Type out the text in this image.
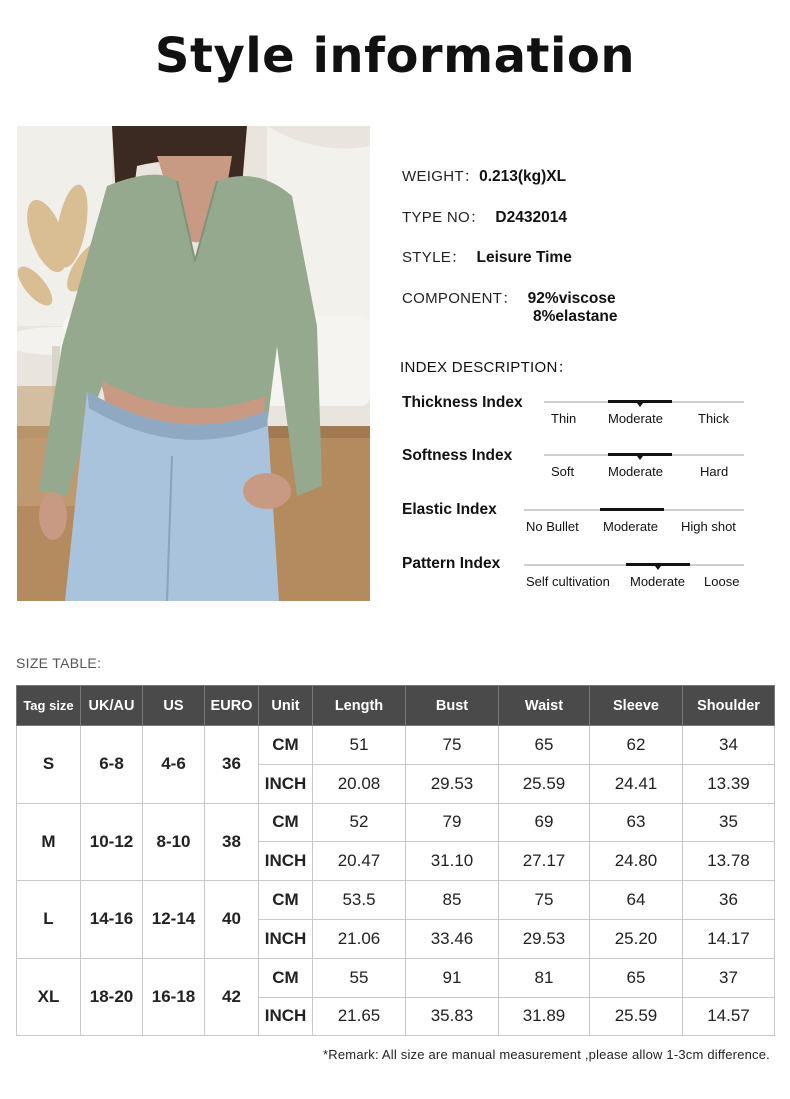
Style information
WEIGHT：0.213(kg)XL
TYPE NO： D2432014
STYLE： Leisure Time
COMPONENT： 92%viscose
8%elastane
INDEX DESCRIPTION：
Thickness Index
Thin Moderate	Thick
Softness Index
Soft	Moderate	Hard
Elastic Index
No Bullet Moderate High shot
Pattern Index
Self cultivation Moderate Loose
SIZE TABLE:
Tag size	UK/AU	US	EURO	Unit	Length	Bust	Waist	Sleeve	Shoulder
S	6-8	4-6	36	CM	51	75	65	62	34
				INCH	20.08	29.53	25.59	24.41	13.39
M	10-12	8-10	38	CM	52	79	69	63	35
				INCH	20.47	31.10	27.17	24.80	13.78
L	14-16	12-14	40	CM	53.5	85	75	64	36
				INCH	21.06	33.46	29.53	25.20	14.17
XL	18-20	16-18	42	CM	55	91	81	65	37
				INCH	21.65	35.83	31.89	25.59	14.57
*Remark: All size are manual measurement ,please allow 1-3cm difference.
